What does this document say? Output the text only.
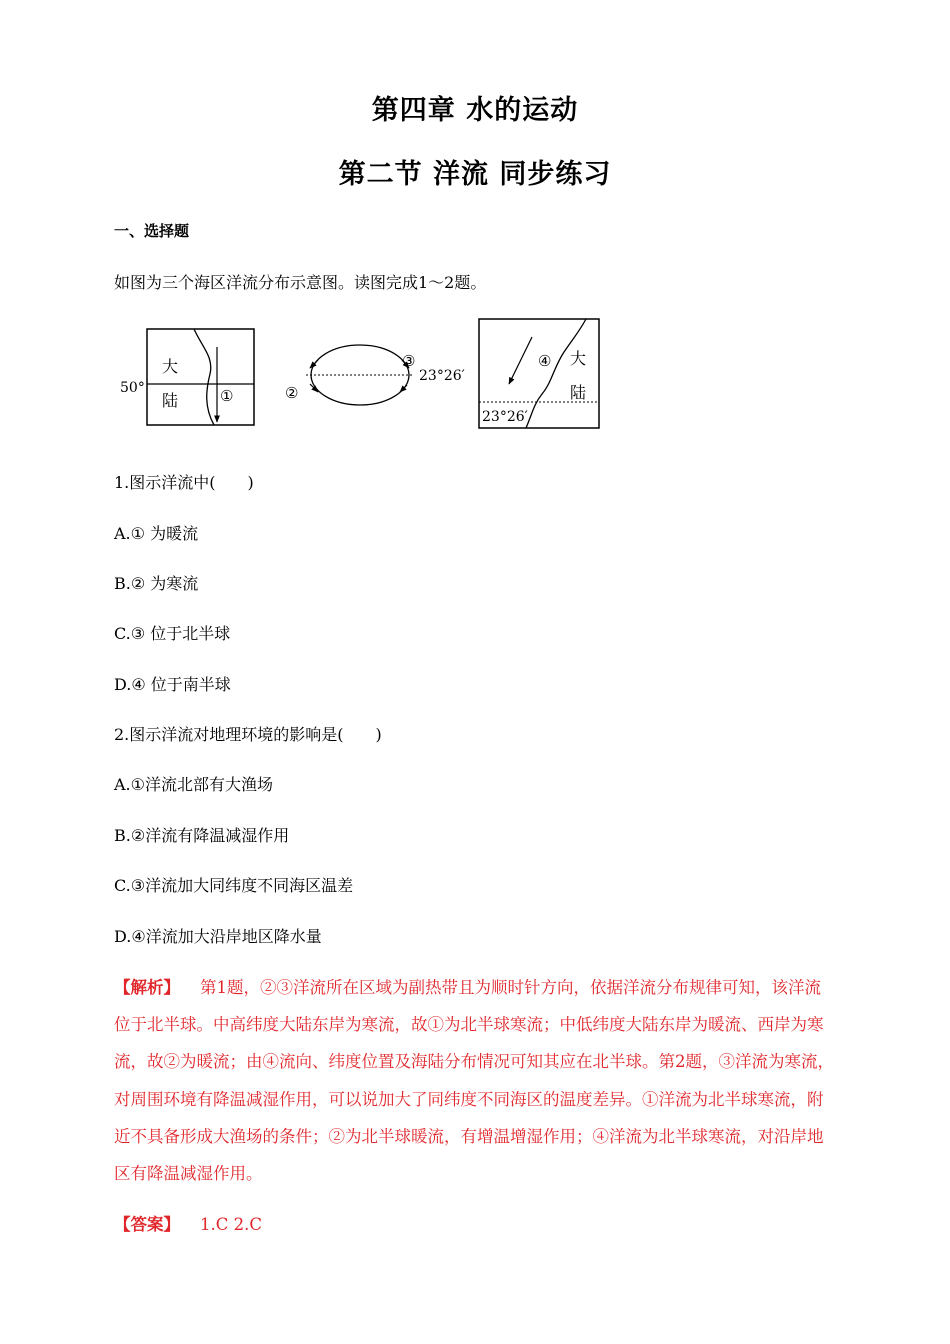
第四章 水的运动
第二节 洋流 同步练习
一、选择题
如图为三个海区洋流分布示意图。读图完成1～2题。
50°
大
陆	①	②
③
23°26′
④ 大
陆
23°26′
1.图示洋流中(　　)
A.① 为暖流
B.② 为寒流
C.③ 位于北半球
D.④ 位于南半球
2.图示洋流对地理环境的影响是(　　)
A.①洋流北部有大渔场
B.②洋流有降温减湿作用
C.③洋流加大同纬度不同海区温差
D.④洋流加大沿岸地区降水量
【解析】 第1题，②③洋流所在区域为副热带且为顺时针方向，依据洋流分布规律可知，该洋流
位于北半球。中高纬度大陆东岸为寒流，故①为北半球寒流；中低纬度大陆东岸为暖流、西岸为寒
流，故②为暖流；由④流向、纬度位置及海陆分布情况可知其应在北半球。第2题，③洋流为寒流，
对周围环境有降温减湿作用，可以说加大了同纬度不同海区的温度差异。①洋流为北半球寒流，附
近不具备形成大渔场的条件；②为北半球暖流，有增温增湿作用；④洋流为北半球寒流，对沿岸地
区有降温减湿作用。
【答案】 1.C 2.C
